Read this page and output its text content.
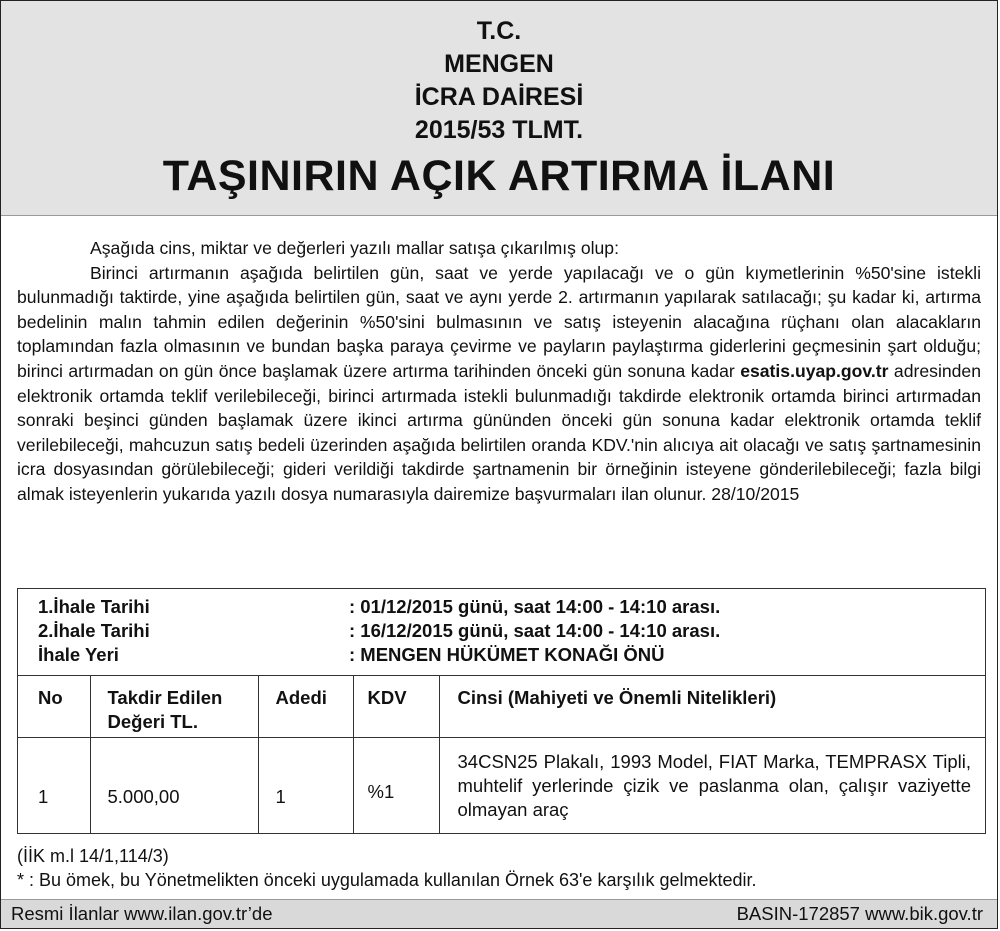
T.C.
MENGEN
İCRA DAİRESİ
2015/53 TLMT.
TAŞINIRIN AÇIK ARTIRMA İLANI

Aşağıda cins, miktar ve değerleri yazılı mallar satışa çıkarılmış olup:

Birinci artırmanın aşağıda belirtilen gün, saat ve yerde yapılacağı ve o gün kıymetlerinin %50'sine istekli bulunmadığı taktirde, yine aşağıda belirtilen gün, saat ve aynı yerde 2. artırmanın yapılarak satılacağı; şu kadar ki, artırma bedelinin malın tahmin edilen değerinin %50'sini bulmasının ve satış isteyenin alacağına rüçhanı olan alacakların toplamından fazla olmasının ve bundan başka paraya çevirme ve payların paylaştırma giderlerini geçmesinin şart olduğu; birinci artırmadan on gün önce başlamak üzere artırma tarihinden önceki gün sonuna kadar esatis.uyap.gov.tr adresinden elektronik ortamda teklif verilebileceği, birinci artırmada istekli bulunmadığı takdirde elektronik ortamda birinci artırmadan sonraki beşinci günden başlamak üzere ikinci artırma gününden önceki gün sonuna kadar elektronik ortamda teklif verilebileceği, mahcuzun satış bedeli üzerinden aşağıda belirtilen oranda KDV.'nin alıcıya ait olacağı ve satış şartnamesinin icra dosyasından görülebileceği; gideri verildiği takdirde şartnamenin bir örneğinin isteyene gönderilebileceği; fazla bilgi almak isteyenlerin yukarıda yazılı dosya numarasıyla dairemize başvurmaları ilan olunur. 28/10/2015

1.İhale Tarihi	: 01/12/2015 günü, saat 14:00 - 14:10 arası.
2.İhale Tarihi	: 16/12/2015 günü, saat 14:00 - 14:10 arası.
İhale Yeri	: MENGEN HÜKÜMET KONAĞI ÖNÜ
No	Takdir Edilen Değeri TL.	Adedi	KDV	Cinsi (Mahiyeti ve Önemli Nitelikleri)
1	5.000,00	1	%1	34CSN25 Plakalı, 1993 Model, FIAT Marka, TEMPRASX Tipli, muhtelif yerlerinde çizik ve paslanma olan, çalışır vaziyette olmayan araç
(İİK m.l 14/1,114/3)
* : Bu ömek, bu Yönetmelikten önceki uygulamada kullanılan Örnek 63'e karşılık gelmektedir.
Resmi İlanlar www.ilan.gov.tr’de	BASIN-172857 www.bik.gov.tr
